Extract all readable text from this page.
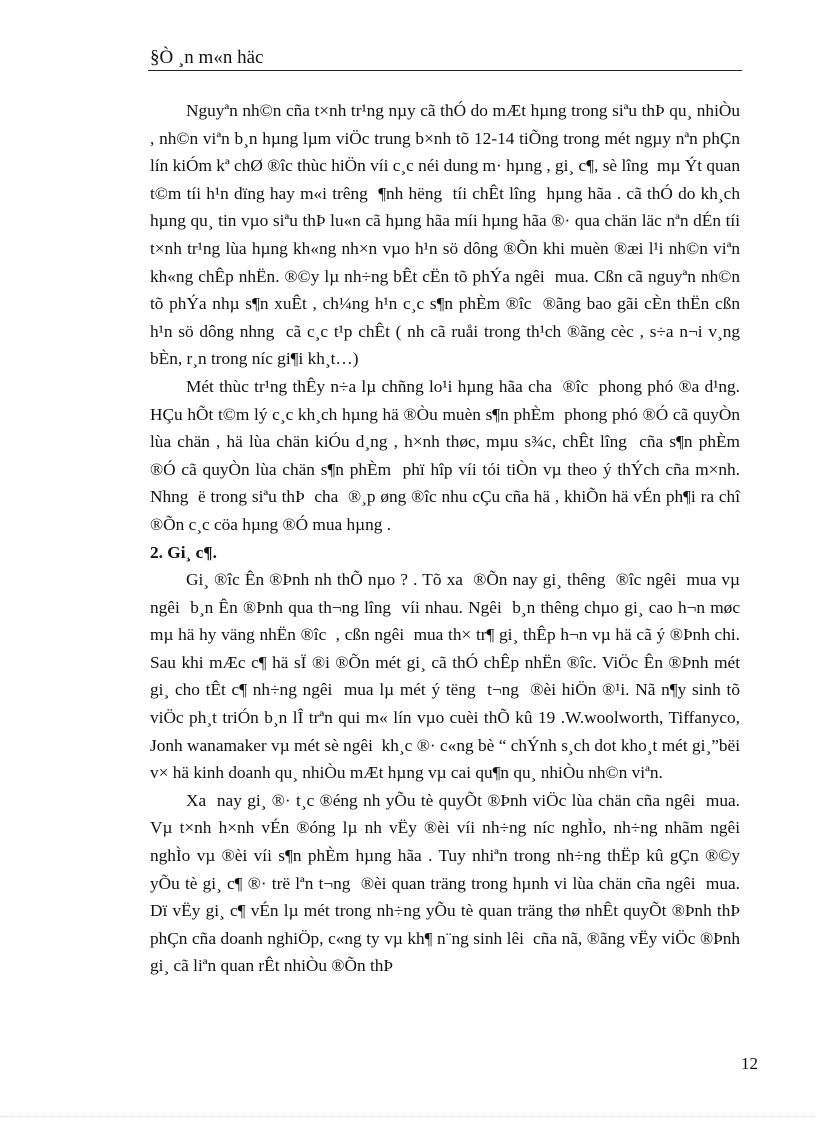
§Ò ¸n m«n häc

Nguyªn nh©n cña t×nh tr¹ng nµy cã thÓ do mÆt hµng trong siªu thÞ qu¸ nhiÒu , nh©n viªn b¸n hµng lµm viÖc trung b×nh tõ 12-14 tiÕng trong mét ngµy nªn phÇn lín kiÓm kª chØ ®îc thùc hiÖn víi c¸c néi dung m· hµng , gi¸ c¶, sè lîng  mµ Ýt quan t©m tíi h¹n dïng hay m«i trêng  ¶nh hëng  tíi chÊt lîng  hµng hãa . cã thÓ do kh¸ch hµng qu¸ tin vµo siªu thÞ lu«n cã hµng hãa míi hµng hãa ®· qua chän läc nªn dÉn tíi t×nh tr¹ng lùa hµng kh«ng nh×n vµo h¹n sö dông ®Õn khi muèn ®æi l¹i nh©n viªn kh«ng chÊp nhËn. ®©y lµ nh÷ng bÊt cËn tõ phÝa ngêi  mua. Cßn cã nguyªn nh©n tõ phÝa nhµ s¶n xuÊt , ch¼ng h¹n c¸c s¶n phÈm ®îc  ®ãng bao gãi cÈn thËn cßn h¹n sö dông nhng  cã c¸c t¹p chÊt ( nh cã ruåi trong th¹ch ®ãng cèc , s÷a n¬i v¸ng bÈn, r¸n trong níc gi¶i kh¸t…)

Mét thùc tr¹ng thÊy n÷a lµ chñng lo¹i hµng hãa cha  ®îc  phong phó ®a d¹ng. HÇu hÕt t©m lý c¸c kh¸ch hµng hä ®Òu muèn s¶n phÈm  phong phó ®Ó cã quyÒn lùa chän , hä lùa chän kiÓu d¸ng , h×nh thøc, mµu s¾c, chÊt lîng  cña s¶n phÈm  ®Ó cã quyÒn lùa chän s¶n phÈm  phï hîp víi tói tiÒn vµ theo ý thÝch cña m×nh. Nhng  ë trong siªu thÞ  cha  ®¸p øng ®îc nhu cÇu cña hä , khiÕn hä vÉn ph¶i ra chî ®Õn c¸c cöa hµng ®Ó mua hµng .

2. Gi¸ c¶.

Gi¸ ®îc Ên ®Þnh nh thÕ nµo ? . Tõ xa  ®Õn nay gi¸ thêng  ®îc ngêi  mua vµ ngêi  b¸n Ên ®Þnh qua th¬ng lîng  víi nhau. Ngêi  b¸n thêng chµo gi¸ cao h¬n møc mµ hä hy väng nhËn ®îc  , cßn ngêi  mua th× tr¶ gi¸ thÊp h¬n vµ hä cã ý ®Þnh chi. Sau khi mÆc c¶ hä sÏ ®i ®Õn mét gi¸ cã thÓ chÊp nhËn ®îc. ViÖc Ên ®Þnh mét gi¸ cho tÊt c¶ nh÷ng ngêi  mua lµ mét ý tëng  t¬ng  ®èi hiÖn ®¹i. Nã n¶y sinh tõ viÖc ph¸t triÓn b¸n lÎ trªn qui m« lín vµo cuèi thÕ kû 19 .W.woolworth, Tiffanyco, Jonh wanamaker vµ mét sè ngêi  kh¸c ®· c«ng bè “ chÝnh s¸ch dot kho¸t mét gi¸”bëi v× hä kinh doanh qu¸ nhiÒu mÆt hµng vµ cai qu¶n qu¸ nhiÒu nh©n viªn.

Xa  nay gi¸ ®· t¸c ®éng nh yÕu tè quyÕt ®Þnh viÖc lùa chän cña ngêi  mua. Vµ t×nh h×nh vÉn ®óng lµ nh vËy ®èi víi nh÷ng níc nghÌo, nh÷ng nhãm ngêi  nghÌo vµ ®èi víi s¶n phÈm hµng hãa . Tuy nhiªn trong nh÷ng thËp kû gÇn ®©y yÕu tè gi¸ c¶ ®· trë lªn t¬ng  ®èi quan träng trong hµnh vi lùa chän cña ngêi  mua. Dï vËy gi¸ c¶ vÉn lµ mét trong nh÷ng yÕu tè quan träng thø nhÊt quyÕt ®Þnh thÞ phÇn cña doanh nghiÖp, c«ng ty vµ kh¶ n¨ng sinh lêi  cña nã, ®ãng vËy viÖc ®Þnh gi¸ cã liªn quan rÊt nhiÒu ®Õn thÞ

12
